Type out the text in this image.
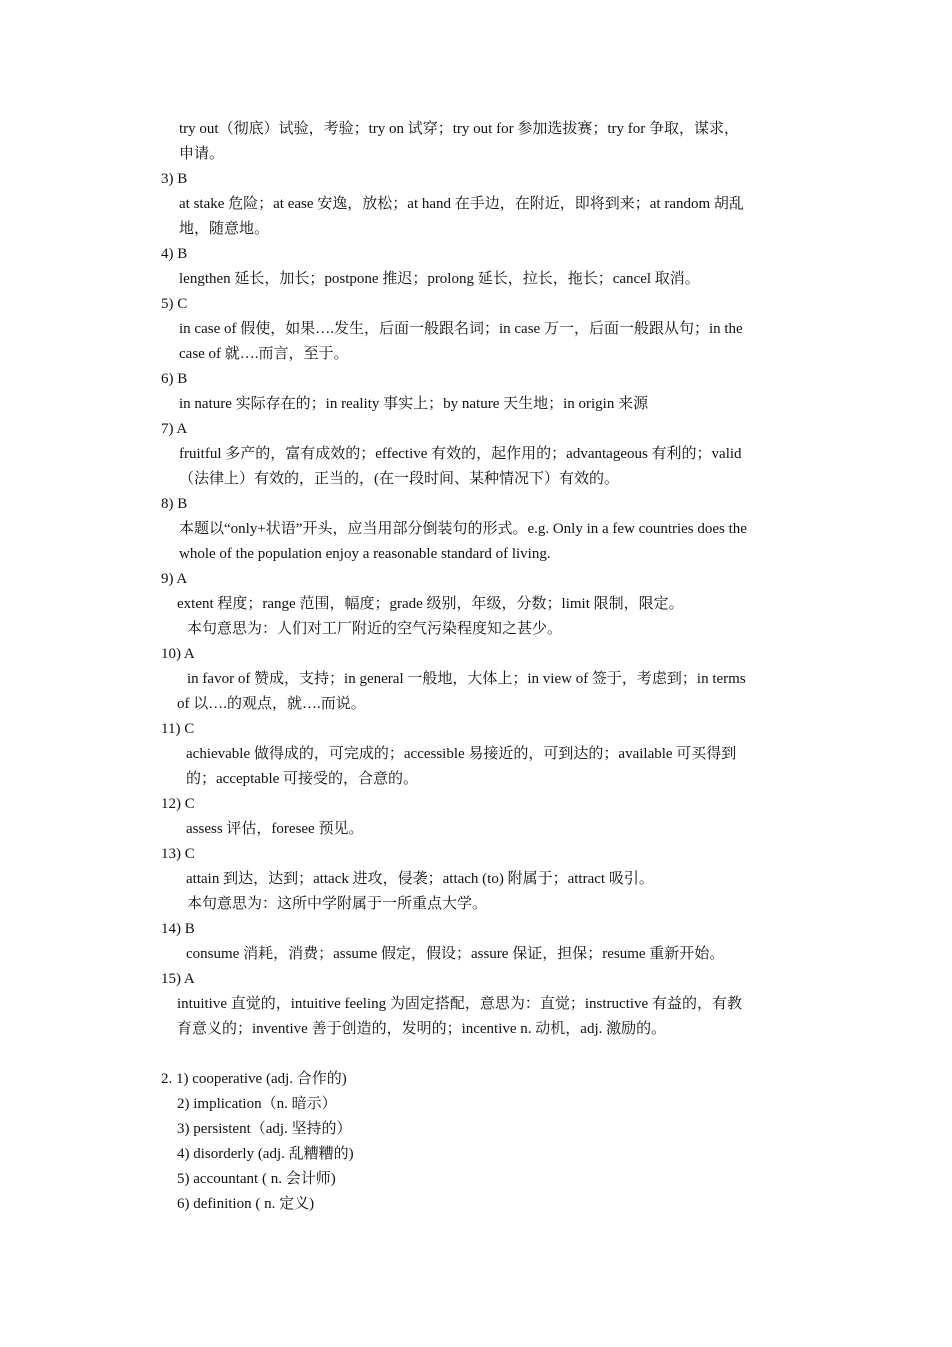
try out（彻底）试验，考验；try on 试穿；try out for 参加选拔赛；try for 争取，谋求，

申请。

3) B

at stake 危险；at ease 安逸，放松；at hand 在手边，在附近，即将到来；at random 胡乱

地，随意地。

4) B

lengthen 延长，加长；postpone 推迟；prolong 延长，拉长，拖长；cancel 取消。

5) C

in case of 假使，如果….发生，后面一般跟名词；in case 万一，后面一般跟从句；in the

case of 就….而言，至于。

6) B

in nature 实际存在的；in reality 事实上；by nature 天生地；in origin 来源

7) A

fruitful 多产的，富有成效的；effective 有效的，起作用的；advantageous 有利的；valid

（法律上）有效的，正当的，(在一段时间、某种情况下）有效的。

8) B

本题以“only+状语”开头，应当用部分倒装句的形式。e.g. Only in a few countries does the

whole of the population enjoy a reasonable standard of living.

9) A

extent 程度；range 范围，幅度；grade 级别，年级，分数；limit 限制，限定。

本句意思为：人们对工厂附近的空气污染程度知之甚少。

10) A

in favor of 赞成，支持；in general 一般地，大体上；in view of 签于，考虑到；in terms

of 以….的观点，就….而说。

11) C

achievable 做得成的，可完成的；accessible 易接近的，可到达的；available 可买得到

的；acceptable 可接受的，合意的。

12) C

assess 评估，foresee 预见。

13) C

attain 到达，达到；attack 进攻，侵袭；attach (to) 附属于；attract 吸引。

本句意思为：这所中学附属于一所重点大学。

14) B

consume 消耗，消费；assume 假定，假设；assure 保证，担保；resume 重新开始。

15) A

intuitive 直觉的，intuitive feeling 为固定搭配，意思为：直觉；instructive 有益的，有教

育意义的；inventive 善于创造的，发明的；incentive n. 动机，adj. 激励的。

2. 1) cooperative (adj. 合作的)

2) implication（n. 暗示）

3) persistent（adj. 坚持的）

4) disorderly (adj. 乱糟糟的)

5) accountant ( n. 会计师)

6) definition ( n. 定义)
